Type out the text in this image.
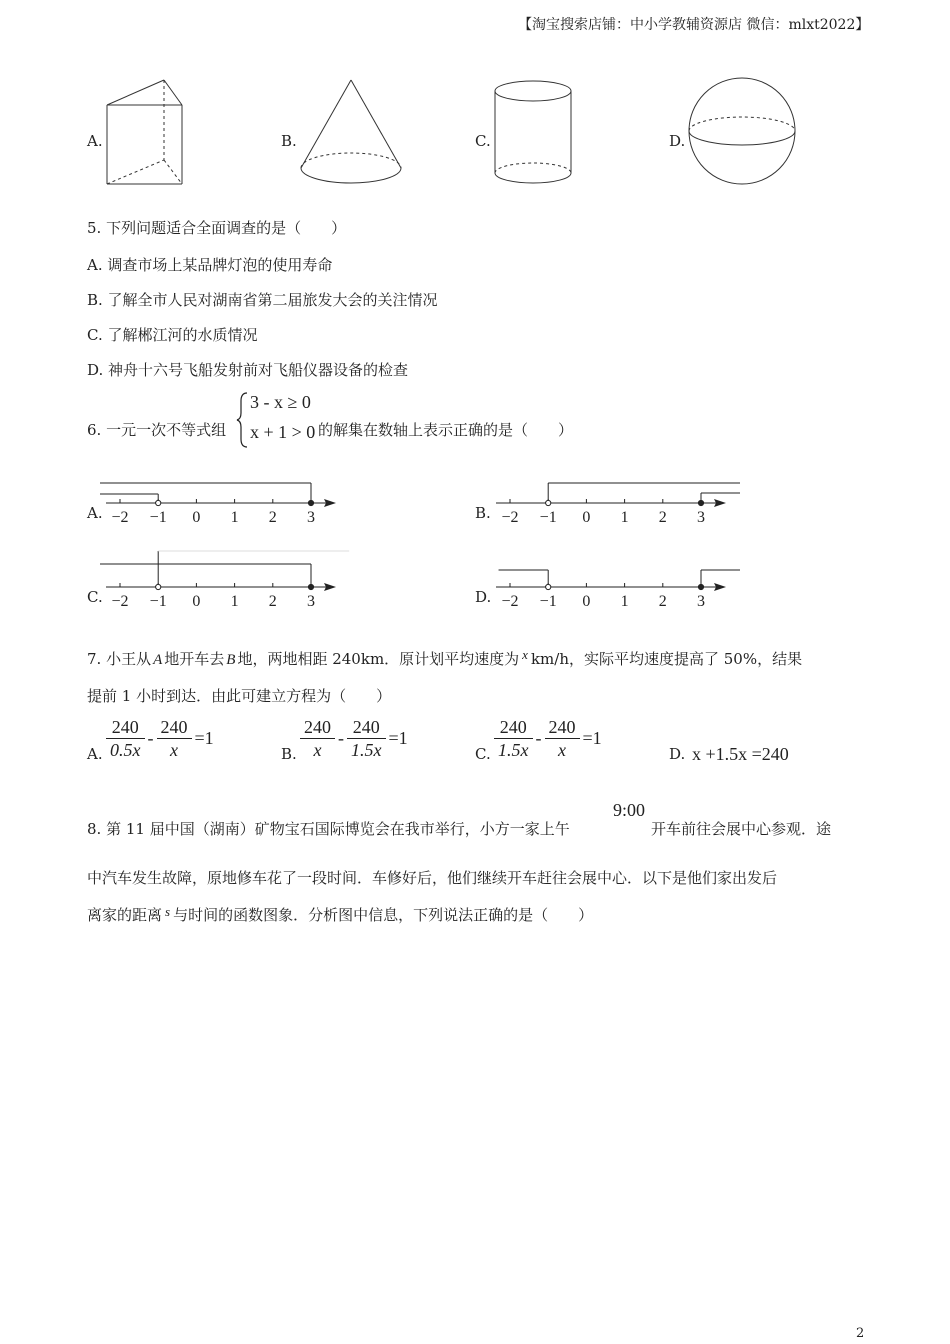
【淘宝搜索店铺：中小学教辅资源店 微信：mlxt2022】
A.	B.	C.	D.
5. 下列问题适合全面调查的是（　　）
A. 调查市场上某品牌灯泡的使用寿命
B. 了解全市人民对湖南省第二届旅发大会的关注情况
C. 了解郴江河的水质情况
D. 神舟十六号飞船发射前对飞船仪器设备的检查
6. 一元一次不等式组
3 - x ≥ 0
x + 1 > 0 的解集在数轴上表示正确的是（　　）
A.	B.
C.	D.
−2 −1 0 1 2 3	−2 −1 0 1 2 3
−2 −1 0 1 2 3	−2 −1 0 1 2 3
7. 小王从 A 地开车去 B 地，两地相距 240km．原计划平均速度为 x km/h，实际平均速度提高了 50%，结果
提前 1 小时到达．由此可建立方程为（　　）
A. $\frac{240}{0.5x} - \frac{240}{x} =1$
B. $\frac{240}{x} - \frac{240}{1.5x} =1$
C. $\frac{240}{1.5x} - \frac{240}{x} =1$
D. x +1.5x =240
8. 第 11 届中国（湖南）矿物宝石国际博览会在我市举行，小方一家上午
9:00
开车前往会展中心参观．途
中汽车发生故障，原地修车花了一段时间．车修好后，他们继续开车赶往会展中心．以下是他们家出发后
离家的距离 s 与时间的函数图象．分析图中信息，下列说法正确的是（　　）
2
